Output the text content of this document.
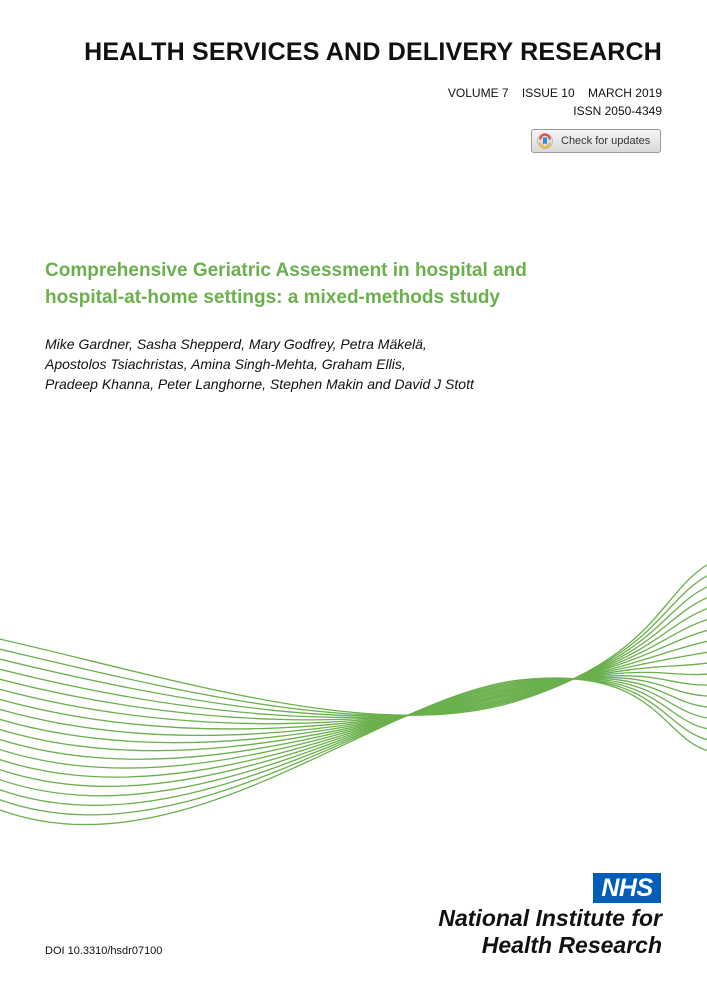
HEALTH SERVICES AND DELIVERY RESEARCH
VOLUME 7 ISSUE 10 MARCH 2019
ISSN 2050-4349
Check for updates
Comprehensive Geriatric Assessment in hospital and
hospital-at-home settings: a mixed-methods study
Mike Gardner, Sasha Shepperd, Mary Godfrey, Petra Mäkelä,
Apostolos Tsiachristas, Amina Singh-Mehta, Graham Ellis,
Pradeep Khanna, Peter Langhorne, Stephen Makin and David J Stott
NHS
National Institute for
Health Research
DOI 10.3310/hsdr07100
